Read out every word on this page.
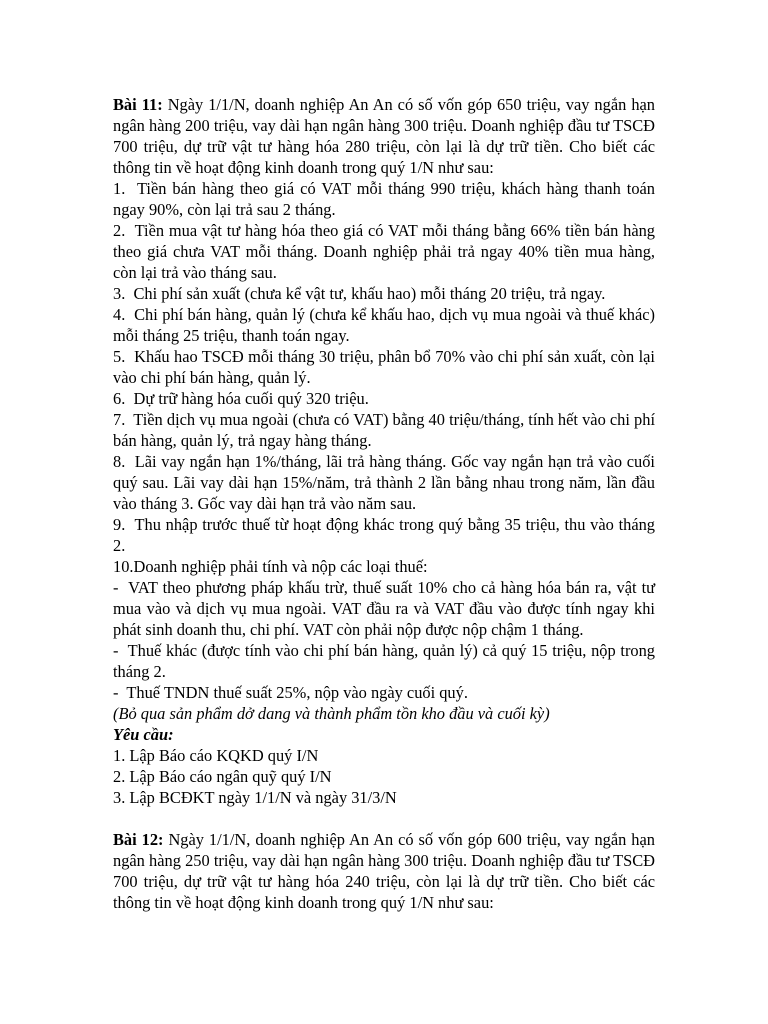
Bài 11: Ngày 1/1/N, doanh nghiệp An An có số vốn góp 650 triệu, vay ngắn hạn ngân hàng 200 triệu, vay dài hạn ngân hàng 300 triệu. Doanh nghiệp đầu tư TSCĐ 700 triệu, dự trữ vật tư hàng hóa 280 triệu, còn lại là dự trữ tiền. Cho biết các thông tin về hoạt động kinh doanh trong quý 1/N như sau:

1.  Tiền bán hàng theo giá có VAT mỗi tháng 990 triệu, khách hàng thanh toán ngay 90%, còn lại trả sau 2 tháng.

2.  Tiền mua vật tư hàng hóa theo giá có VAT mỗi tháng bằng 66% tiền bán hàng theo giá chưa VAT mỗi tháng. Doanh nghiệp phải trả ngay 40% tiền mua hàng, còn lại trả vào tháng sau.

3.  Chi phí sản xuất (chưa kể vật tư, khấu hao) mỗi tháng 20 triệu, trả ngay.

4.  Chi phí bán hàng, quản lý (chưa kể khấu hao, dịch vụ mua ngoài và thuế khác) mỗi tháng 25 triệu, thanh toán ngay.

5.  Khấu hao TSCĐ mỗi tháng 30 triệu, phân bổ 70% vào chi phí sản xuất, còn lại vào chi phí bán hàng, quản lý.

6.  Dự trữ hàng hóa cuối quý 320 triệu.

7.  Tiền dịch vụ mua ngoài (chưa có VAT) bằng 40 triệu/tháng, tính hết vào chi phí bán hàng, quản lý, trả ngay hàng tháng.

8.  Lãi vay ngắn hạn 1%/tháng, lãi trả hàng tháng. Gốc vay ngắn hạn trả vào cuối quý sau. Lãi vay dài hạn 15%/năm, trả thành 2 lần bằng nhau trong năm, lần đầu vào tháng 3. Gốc vay dài hạn trả vào năm sau.

9.  Thu nhập trước thuế từ hoạt động khác trong quý bằng 35 triệu, thu vào tháng 2.

10.Doanh nghiệp phải tính và nộp các loại thuế:

-  VAT theo phương pháp khấu trừ, thuế suất 10% cho cả hàng hóa bán ra, vật tư mua vào và dịch vụ mua ngoài. VAT đầu ra và VAT đầu vào được tính ngay khi phát sinh doanh thu, chi phí. VAT còn phải nộp được nộp chậm 1 tháng.

-  Thuế khác (được tính vào chi phí bán hàng, quản lý) cả quý 15 triệu, nộp trong tháng 2.

-  Thuế TNDN thuế suất 25%, nộp vào ngày cuối quý.

(Bỏ qua sản phẩm dở dang và thành phẩm tồn kho đầu và cuối kỳ)

Yêu cầu:

1. Lập Báo cáo KQKD quý I/N

2. Lập Báo cáo ngân quỹ quý I/N

3. Lập BCĐKT ngày 1/1/N và ngày 31/3/N

Bài 12: Ngày 1/1/N, doanh nghiệp An An có số vốn góp 600 triệu, vay ngắn hạn ngân hàng 250 triệu, vay dài hạn ngân hàng 300 triệu. Doanh nghiệp đầu tư TSCĐ 700 triệu, dự trữ vật tư hàng hóa 240 triệu, còn lại là dự trữ tiền. Cho biết các thông tin về hoạt động kinh doanh trong quý 1/N như sau:
